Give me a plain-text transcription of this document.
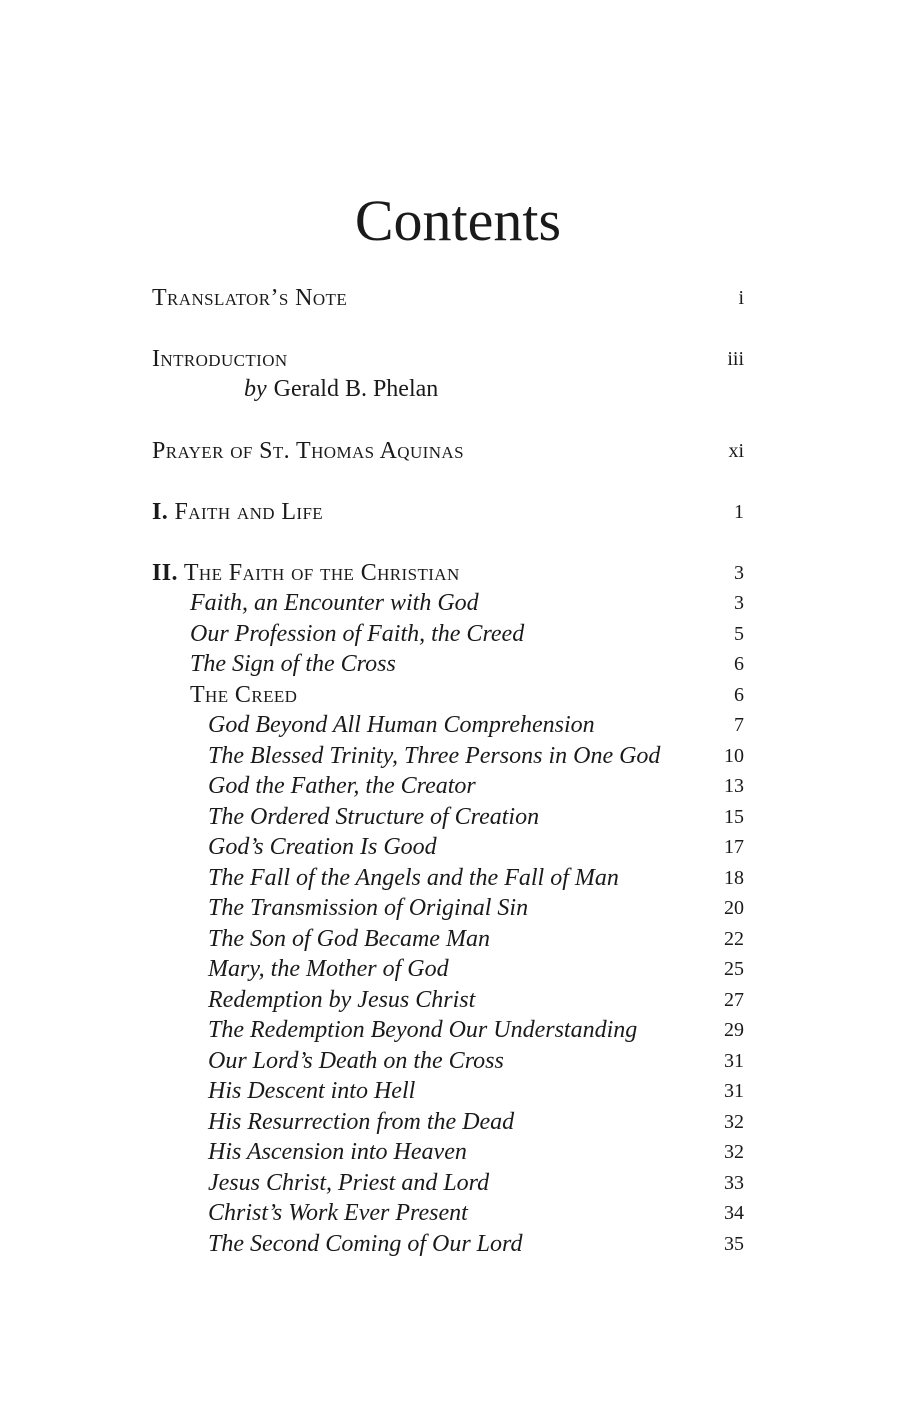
Contents
Translator’s Note	i
Introduction	iii
by Gerald B. Phelan
Prayer of St. Thomas Aquinas	xi
I. Faith and Life	1
II. The Faith of the Christian	3
Faith, an Encounter with God	3
Our Profession of Faith, the Creed	5
The Sign of the Cross	6
The Creed	6
God Beyond All Human Comprehension	7
The Blessed Trinity, Three Persons in One God	10
God the Father, the Creator	13
The Ordered Structure of Creation	15
God’s Creation Is Good	17
The Fall of the Angels and the Fall of Man	18
The Transmission of Original Sin	20
The Son of God Became Man	22
Mary, the Mother of God	25
Redemption by Jesus Christ	27
The Redemption Beyond Our Understanding	29
Our Lord’s Death on the Cross	31
His Descent into Hell	31
His Resurrection from the Dead	32
His Ascension into Heaven	32
Jesus Christ, Priest and Lord	33
Christ’s Work Ever Present	34
The Second Coming of Our Lord	35
